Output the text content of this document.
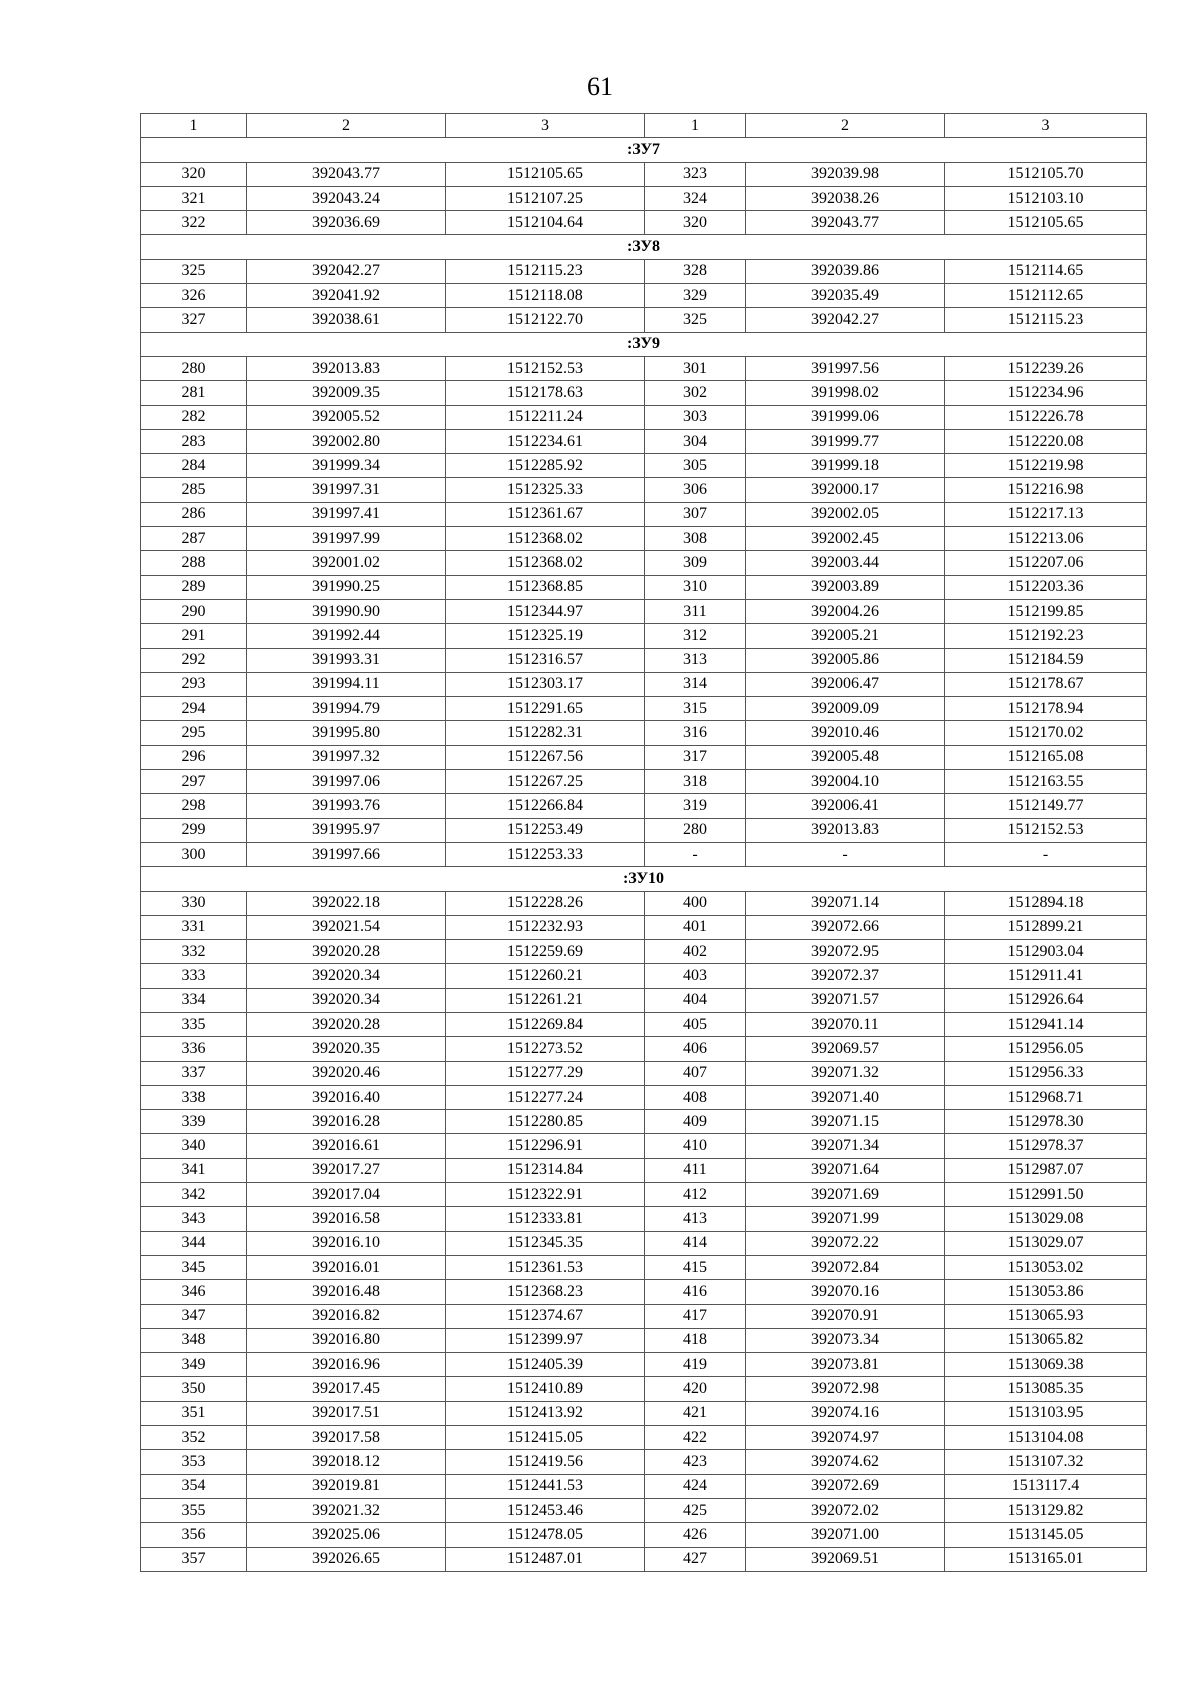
61
1	2	3	1	2	3
:ЗУ7					
320	392043.77	1512105.65	323	392039.98	1512105.70
321	392043.24	1512107.25	324	392038.26	1512103.10
322	392036.69	1512104.64	320	392043.77	1512105.65
:ЗУ8					
325	392042.27	1512115.23	328	392039.86	1512114.65
326	392041.92	1512118.08	329	392035.49	1512112.65
327	392038.61	1512122.70	325	392042.27	1512115.23
:ЗУ9					
280	392013.83	1512152.53	301	391997.56	1512239.26
281	392009.35	1512178.63	302	391998.02	1512234.96
282	392005.52	1512211.24	303	391999.06	1512226.78
283	392002.80	1512234.61	304	391999.77	1512220.08
284	391999.34	1512285.92	305	391999.18	1512219.98
285	391997.31	1512325.33	306	392000.17	1512216.98
286	391997.41	1512361.67	307	392002.05	1512217.13
287	391997.99	1512368.02	308	392002.45	1512213.06
288	392001.02	1512368.02	309	392003.44	1512207.06
289	391990.25	1512368.85	310	392003.89	1512203.36
290	391990.90	1512344.97	311	392004.26	1512199.85
291	391992.44	1512325.19	312	392005.21	1512192.23
292	391993.31	1512316.57	313	392005.86	1512184.59
293	391994.11	1512303.17	314	392006.47	1512178.67
294	391994.79	1512291.65	315	392009.09	1512178.94
295	391995.80	1512282.31	316	392010.46	1512170.02
296	391997.32	1512267.56	317	392005.48	1512165.08
297	391997.06	1512267.25	318	392004.10	1512163.55
298	391993.76	1512266.84	319	392006.41	1512149.77
299	391995.97	1512253.49	280	392013.83	1512152.53
300	391997.66	1512253.33	-	-	-
:ЗУ10					
330	392022.18	1512228.26	400	392071.14	1512894.18
331	392021.54	1512232.93	401	392072.66	1512899.21
332	392020.28	1512259.69	402	392072.95	1512903.04
333	392020.34	1512260.21	403	392072.37	1512911.41
334	392020.34	1512261.21	404	392071.57	1512926.64
335	392020.28	1512269.84	405	392070.11	1512941.14
336	392020.35	1512273.52	406	392069.57	1512956.05
337	392020.46	1512277.29	407	392071.32	1512956.33
338	392016.40	1512277.24	408	392071.40	1512968.71
339	392016.28	1512280.85	409	392071.15	1512978.30
340	392016.61	1512296.91	410	392071.34	1512978.37
341	392017.27	1512314.84	411	392071.64	1512987.07
342	392017.04	1512322.91	412	392071.69	1512991.50
343	392016.58	1512333.81	413	392071.99	1513029.08
344	392016.10	1512345.35	414	392072.22	1513029.07
345	392016.01	1512361.53	415	392072.84	1513053.02
346	392016.48	1512368.23	416	392070.16	1513053.86
347	392016.82	1512374.67	417	392070.91	1513065.93
348	392016.80	1512399.97	418	392073.34	1513065.82
349	392016.96	1512405.39	419	392073.81	1513069.38
350	392017.45	1512410.89	420	392072.98	1513085.35
351	392017.51	1512413.92	421	392074.16	1513103.95
352	392017.58	1512415.05	422	392074.97	1513104.08
353	392018.12	1512419.56	423	392074.62	1513107.32
354	392019.81	1512441.53	424	392072.69	1513117.4
355	392021.32	1512453.46	425	392072.02	1513129.82
356	392025.06	1512478.05	426	392071.00	1513145.05
357	392026.65	1512487.01	427	392069.51	1513165.01
